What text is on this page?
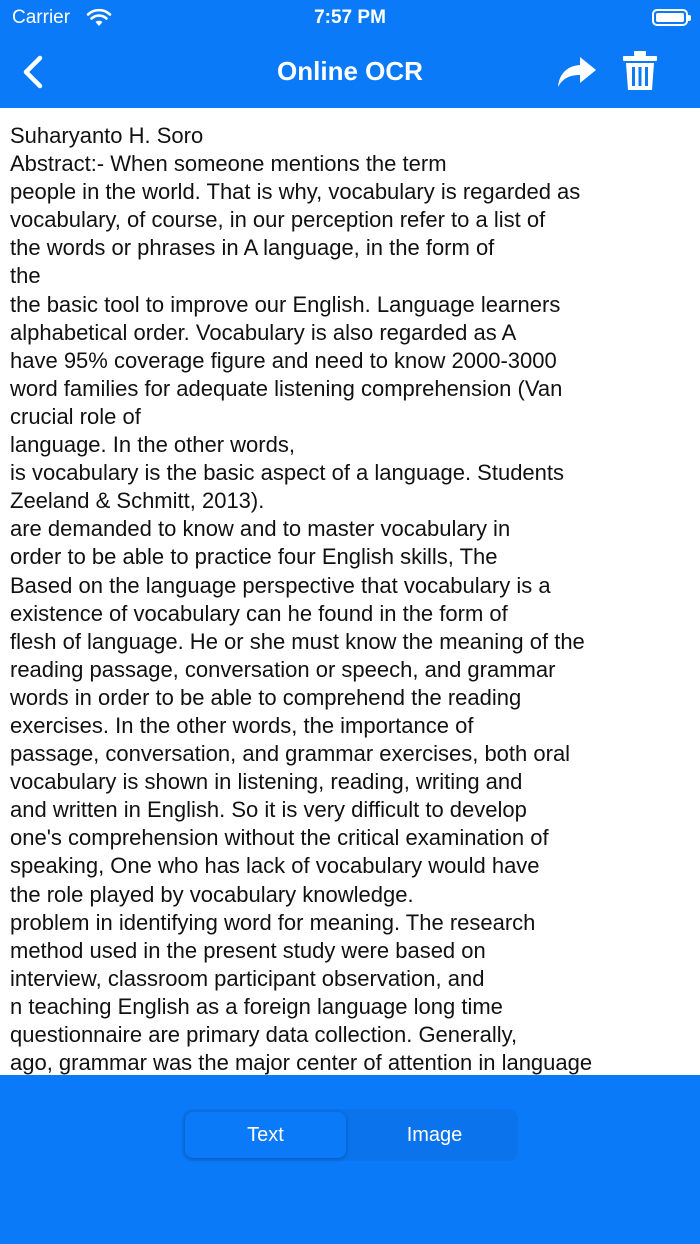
Carrier	7:57 PM
Online OCR
Suharyanto H. Soro
Abstract:- When someone mentions the term
people in the world. That is why, vocabulary is regarded as
vocabulary, of course, in our perception refer to a list of
the words or phrases in A language, in the form of
the
the basic tool to improve our English. Language learners
alphabetical order. Vocabulary is also regarded as A
have 95% coverage figure and need to know 2000-3000
word families for adequate listening comprehension (Van
crucial role of
language. In the other words,
is vocabulary is the basic aspect of a language. Students
Zeeland & Schmitt, 2013).
are demanded to know and to master vocabulary in
order to be able to practice four English skills, The
Based on the language perspective that vocabulary is a
existence of vocabulary can he found in the form of
flesh of language. He or she must know the meaning of the
reading passage, conversation or speech, and grammar
words in order to be able to comprehend the reading
exercises. In the other words, the importance of
passage, conversation, and grammar exercises, both oral
vocabulary is shown in listening, reading, writing and
and written in English. So it is very difficult to develop
one's comprehension without the critical examination of
speaking, One who has lack of vocabulary would have
the role played by vocabulary knowledge.
problem in identifying word for meaning. The research
method used in the present study were based on
interview, classroom participant observation, and
n teaching English as a foreign language long time
questionnaire are primary data collection. Generally,
ago, grammar was the major center of attention in language
Text	Image
